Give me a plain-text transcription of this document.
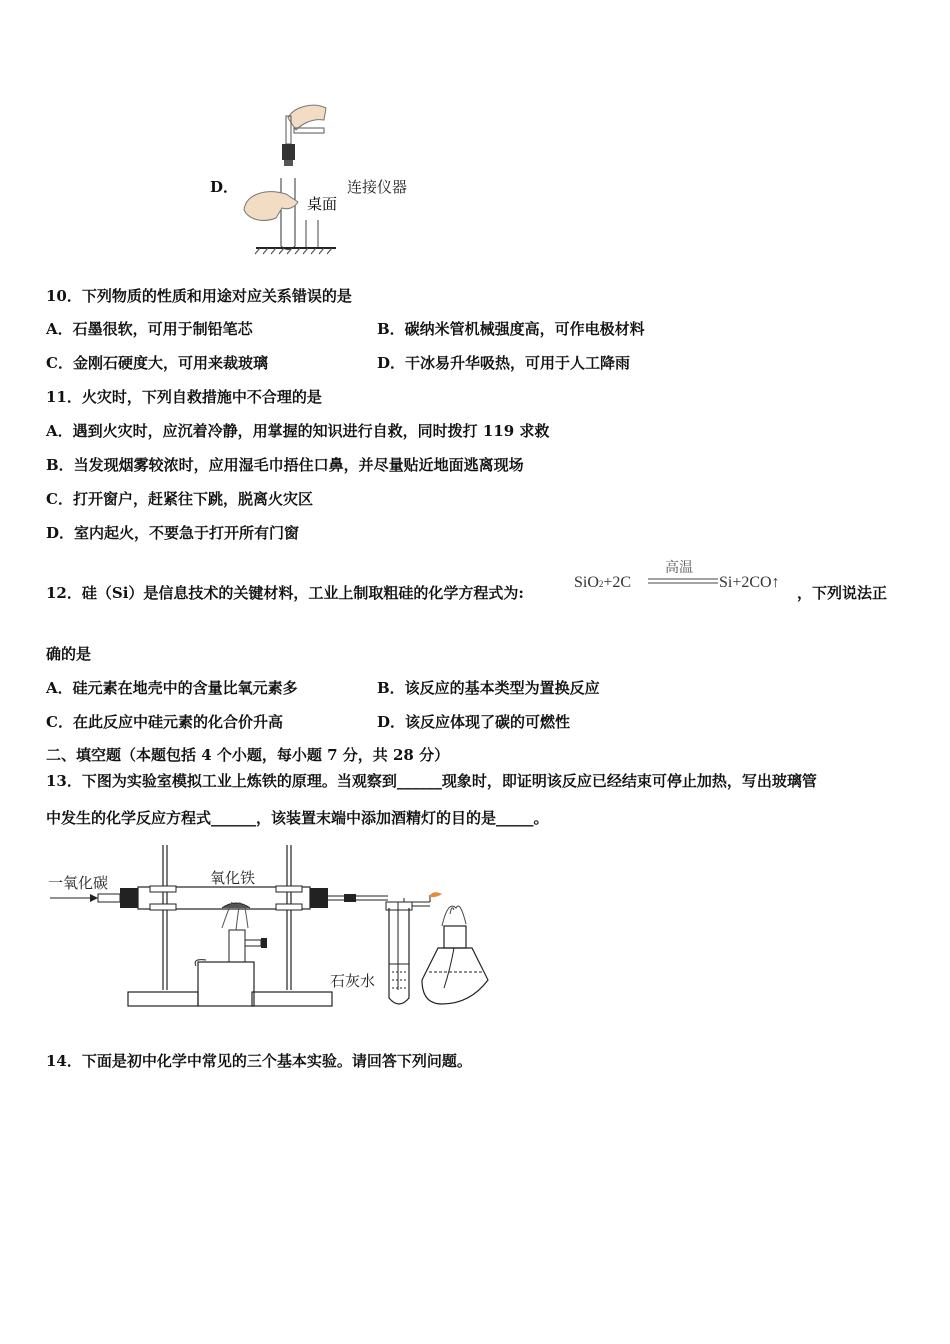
D．	连接仪器
桌面
10．下列物质的性质和用途对应关系错误的是
A．石墨很软，可用于制铅笔芯	B．碳纳米管机械强度高，可作电极材料
C．金刚石硬度大，可用来裁玻璃	D．干冰易升华吸热，可用于人工降雨
11．火灾时，下列自救措施中不合理的是
A．遇到火灾时，应沉着冷静，用掌握的知识进行自救，同时拨打 119 求救
B．当发现烟雾较浓时，应用湿毛巾捂住口鼻，并尽量贴近地面逃离现场
C．打开窗户，赶紧往下跳，脱离火灾区
D．室内起火，不要急于打开所有门窗
12．硅（Si）是信息技术的关键材料，工业上制取粗硅的化学方程式为:
SiO2+2C
高温
Si+2CO↑
，下列说法正
确的是
A．硅元素在地壳中的含量比氧元素多	B．该反应的基本类型为置换反应
C．在此反应中硅元素的化合价升高	D．该反应体现了碳的可燃性
二、填空题（本题包括 4 个小题，每小题 7 分，共 28 分）
13．下图为实验室模拟工业上炼铁的原理。当观察到______现象时，即证明该反应已经结束可停止加热，写出玻璃管
中发生的化学反应方程式______，该装置末端中添加酒精灯的目的是_____。
一氧化碳	氧化铁
石灰水
14．下面是初中化学中常见的三个基本实验。请回答下列问题。
